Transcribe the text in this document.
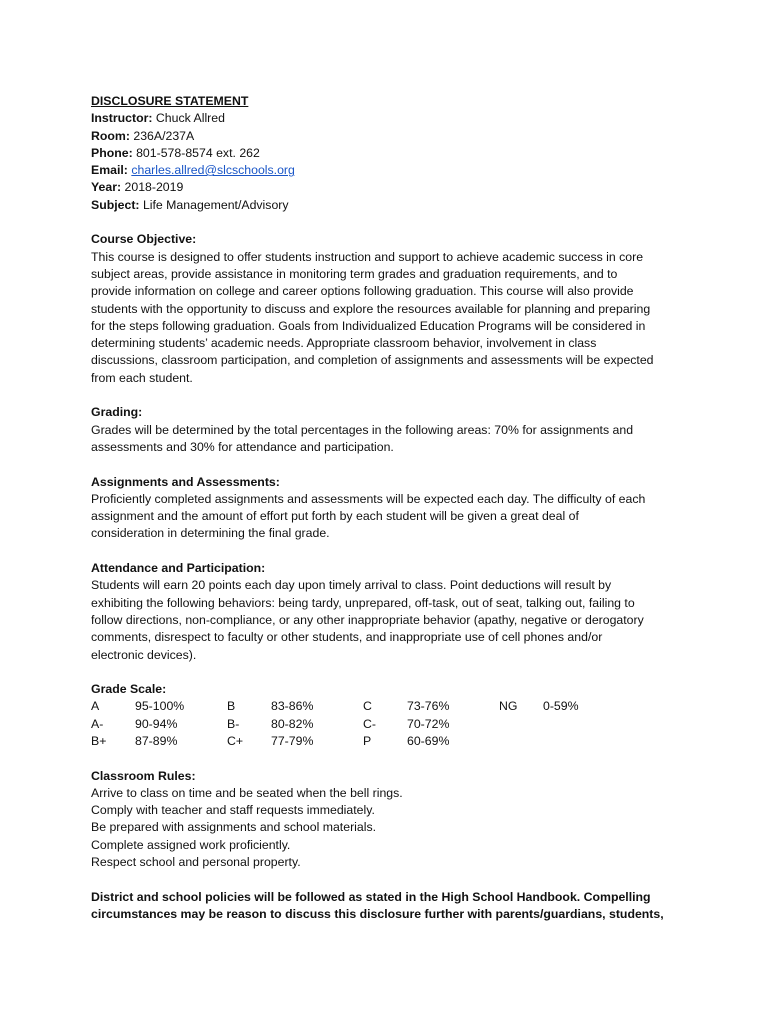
DISCLOSURE STATEMENT
Instructor: Chuck Allred
Room: 236A/237A
Phone: 801-578-8574 ext. 262
Email: charles.allred@slcschools.org
Year: 2018-2019
Subject: Life Management/Advisory
Course Objective:
This course is designed to offer students instruction and support to achieve academic success in core
subject areas, provide assistance in monitoring term grades and graduation requirements, and to
provide information on college and career options following graduation. This course will also provide
students with the opportunity to discuss and explore the resources available for planning and preparing
for the steps following graduation. Goals from Individualized Education Programs will be considered in
determining students’ academic needs. Appropriate classroom behavior, involvement in class
discussions, classroom participation, and completion of assignments and assessments will be expected
from each student.
Grading:
Grades will be determined by the total percentages in the following areas: 70% for assignments and
assessments and 30% for attendance and participation.
Assignments and Assessments:
Proficiently completed assignments and assessments will be expected each day. The difficulty of each
assignment and the amount of effort put forth by each student will be given a great deal of
consideration in determining the final grade.
Attendance and Participation:
Students will earn 20 points each day upon timely arrival to class. Point deductions will result by
exhibiting the following behaviors: being tardy, unprepared, off-task, out of seat, talking out, failing to
follow directions, non-compliance, or any other inappropriate behavior (apathy, negative or derogatory
comments, disrespect to faculty or other students, and inappropriate use of cell phones and/or
electronic devices).
Grade Scale:
A	95-100%	B	83-86%	C	73-76%	NG	0-59%
A-	90-94%	B-	80-82%	C-	70-72%		
B+	87-89%	C+	77-79%	P	60-69%		
Classroom Rules:
Arrive to class on time and be seated when the bell rings.
Comply with teacher and staff requests immediately.
Be prepared with assignments and school materials.
Complete assigned work proficiently.
Respect school and personal property.
District and school policies will be followed as stated in the High School Handbook. Compelling
circumstances may be reason to discuss this disclosure further with parents/guardians, students,
